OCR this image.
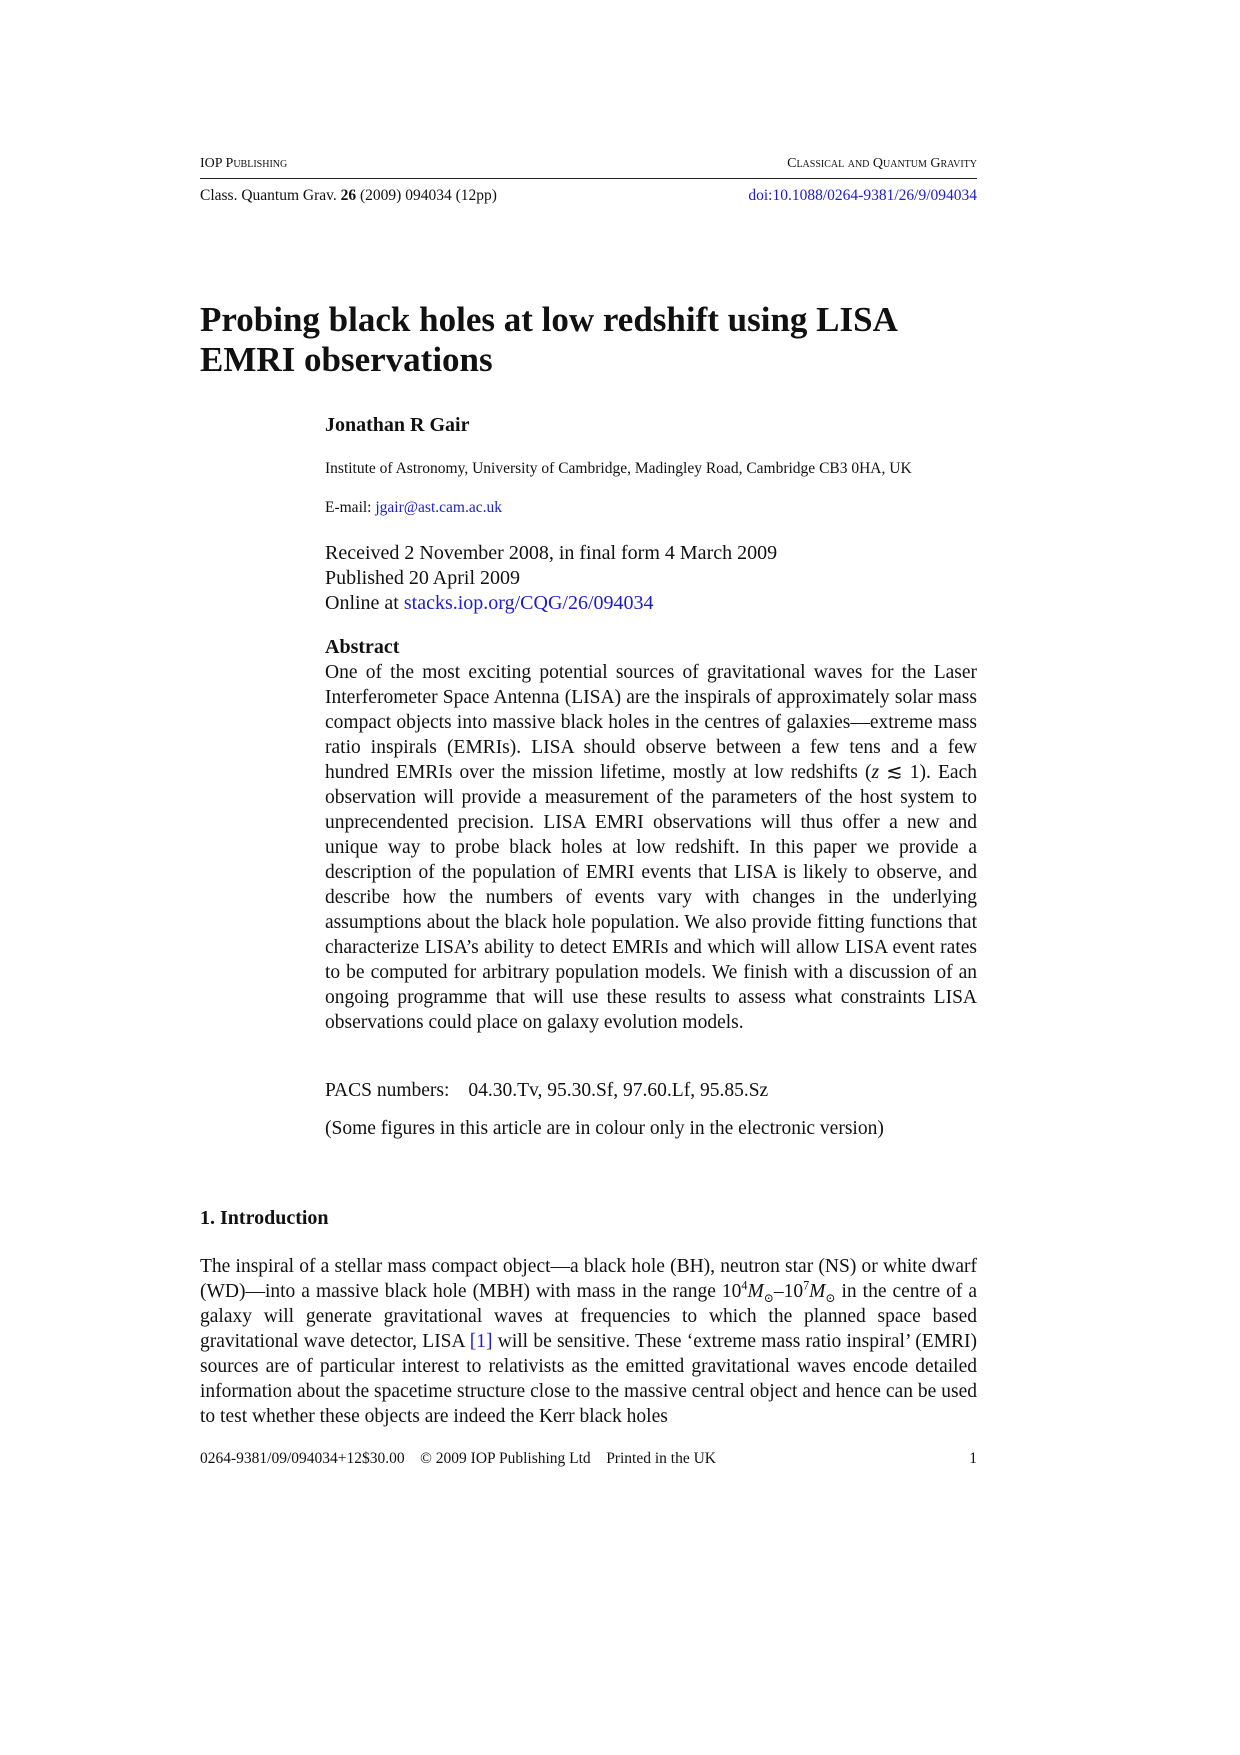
IOP Publishing	Classical and Quantum Gravity
Class. Quantum Grav. 26 (2009) 094034 (12pp)	doi:10.1088/0264-9381/26/9/094034
Probing black holes at low redshift using LISA EMRI observations
Jonathan R Gair
Institute of Astronomy, University of Cambridge, Madingley Road, Cambridge CB3 0HA, UK
E-mail: jgair@ast.cam.ac.uk
Received 2 November 2008, in final form 4 March 2009
Published 20 April 2009
Online at stacks.iop.org/CQG/26/094034
Abstract
One of the most exciting potential sources of gravitational waves for the Laser Interferometer Space Antenna (LISA) are the inspirals of approximately solar mass compact objects into massive black holes in the centres of galaxies—extreme mass ratio inspirals (EMRIs). LISA should observe between a few tens and a few hundred EMRIs over the mission lifetime, mostly at low redshifts (z ≲ 1). Each observation will provide a measurement of the parameters of the host system to unprecendented precision. LISA EMRI observations will thus offer a new and unique way to probe black holes at low redshift. In this paper we provide a description of the population of EMRI events that LISA is likely to observe, and describe how the numbers of events vary with changes in the underlying assumptions about the black hole population. We also provide fitting functions that characterize LISA’s ability to detect EMRIs and which will allow LISA event rates to be computed for arbitrary population models. We finish with a discussion of an ongoing programme that will use these results to assess what constraints LISA observations could place on galaxy evolution models.
PACS numbers: 04.30.Tv, 95.30.Sf, 97.60.Lf, 95.85.Sz
(Some figures in this article are in colour only in the electronic version)
1. Introduction

The inspiral of a stellar mass compact object—a black hole (BH), neutron star (NS) or white dwarf (WD)—into a massive black hole (MBH) with mass in the range $10^4M_⊙-10^7M_⊙$ in the centre of a galaxy will generate gravitational waves at frequencies to which the planned space based gravitational wave detector, LISA [1] will be sensitive. These ‘extreme mass ratio inspiral’ (EMRI) sources are of particular interest to relativists as the emitted gravitational waves encode detailed information about the spacetime structure close to the massive central object and hence can be used to test whether these objects are indeed the Kerr black holes

0264-9381/09/094034+12$30.00 © 2009 IOP Publishing Ltd Printed in the UK	1
